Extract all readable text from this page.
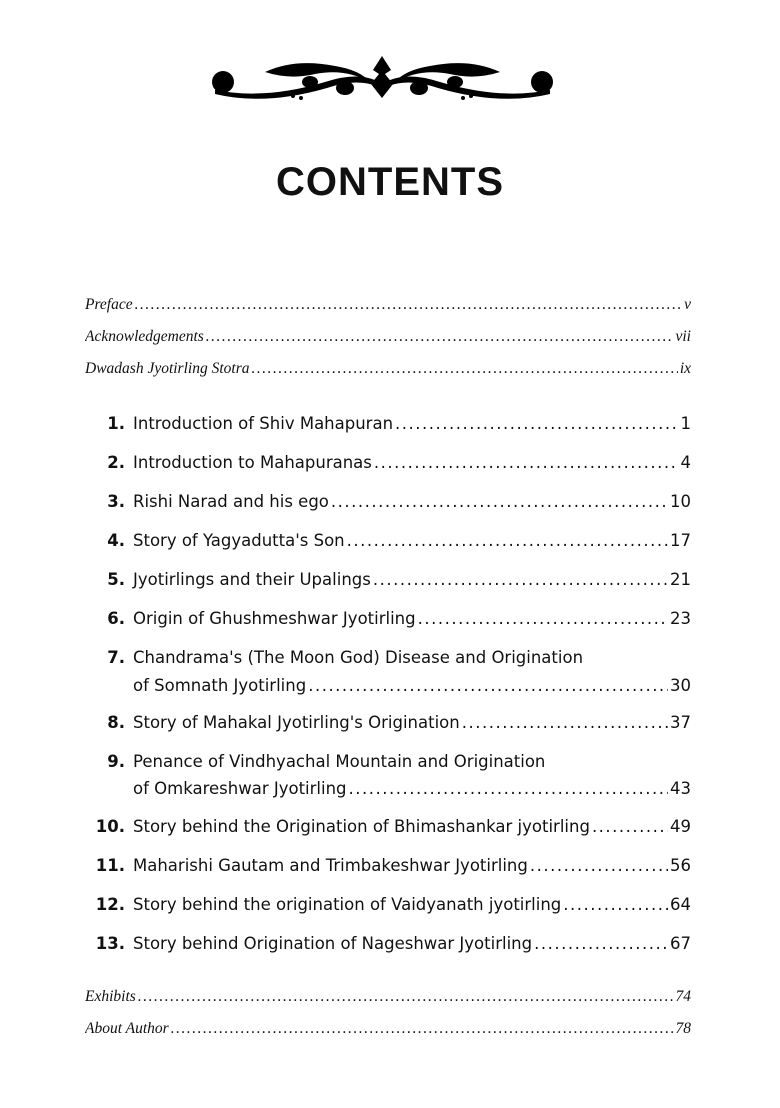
CONTENTS
Preface .....	v
Acknowledgements .....	vii
Dwadash Jyotirling Stotra .....	ix
1. Introduction of Shiv Mahapuran .....	1
2. Introduction to Mahapuranas .....	4
3. Rishi Narad and his ego .....	10
4. Story of Yagyadutta's Son .....	17
5. Jyotirlings and their Upalings .....	21
6. Origin of Ghushmeshwar Jyotirling .....	23
7. Chandrama's (The Moon God) Disease and Origination
of Somnath Jyotirling .....	30
8. Story of Mahakal Jyotirling's Origination .....	37
9. Penance of Vindhyachal Mountain and Origination
of Omkareshwar Jyotirling .....	43
10. Story behind the Origination of Bhimashankar jyotirling .....	49
11. Maharishi Gautam and Trimbakeshwar Jyotirling .....	56
12. Story behind the origination of Vaidyanath jyotirling .....	64
13. Story behind Origination of Nageshwar Jyotirling .....	67
Exhibits .....	74
About Author .....	78
